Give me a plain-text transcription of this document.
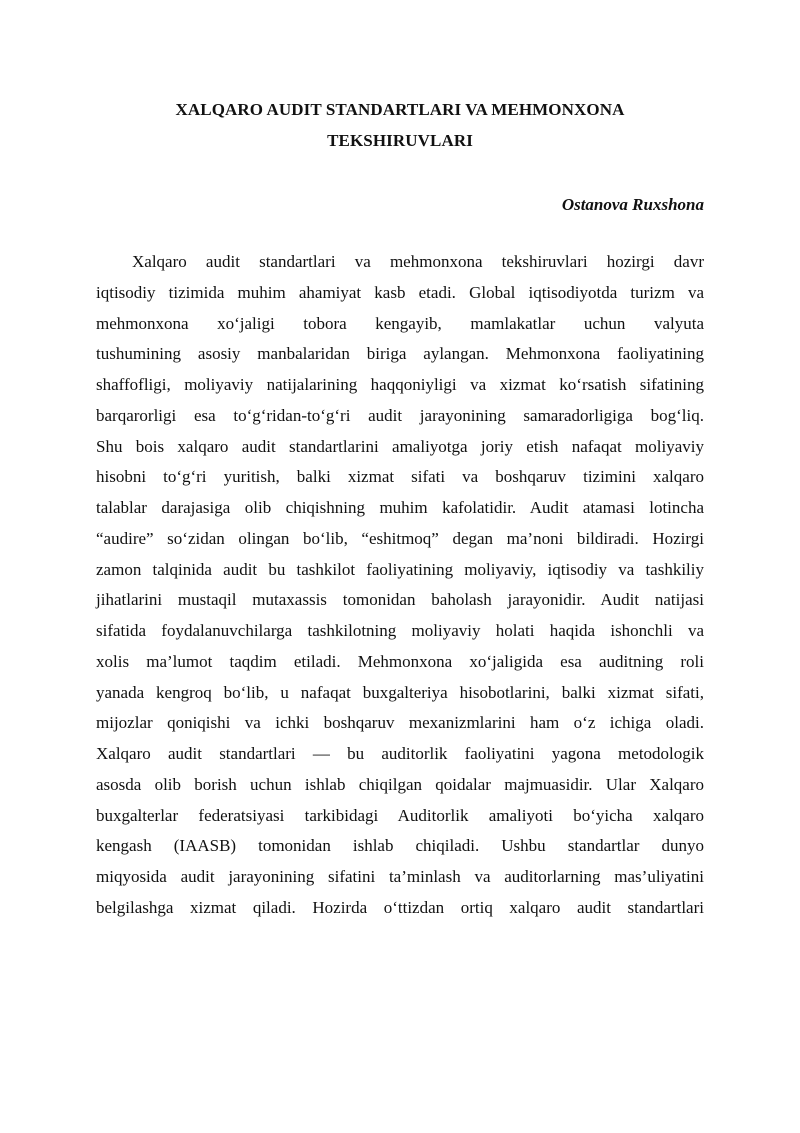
XALQARO AUDIT STANDARTLARI VA MEHMONXONA
TEKSHIRUVLARI
Ostanova Ruxshona
Xalqaro audit standartlari va mehmonxona tekshiruvlari hozirgi davr
iqtisodiy tizimida muhim ahamiyat kasb etadi. Global iqtisodiyotda turizm va
mehmonxona xo‘jaligi tobora kengayib, mamlakatlar uchun valyuta
tushumining asosiy manbalaridan biriga aylangan. Mehmonxona faoliyatining
shaffofligi, moliyaviy natijalarining haqqoniyligi va xizmat ko‘rsatish sifatining
barqarorligi esa to‘g‘ridan-to‘g‘ri audit jarayonining samaradorligiga bog‘liq.
Shu bois xalqaro audit standartlarini amaliyotga joriy etish nafaqat moliyaviy
hisobni to‘g‘ri yuritish, balki xizmat sifati va boshqaruv tizimini xalqaro
talablar darajasiga olib chiqishning muhim kafolatidir. Audit atamasi lotincha
“audire” so‘zidan olingan bo‘lib, “eshitmoq” degan ma’noni bildiradi. Hozirgi
zamon talqinida audit bu tashkilot faoliyatining moliyaviy, iqtisodiy va tashkiliy
jihatlarini mustaqil mutaxassis tomonidan baholash jarayonidir. Audit natijasi
sifatida foydalanuvchilarga tashkilotning moliyaviy holati haqida ishonchli va
xolis ma’lumot taqdim etiladi. Mehmonxona xo‘jaligida esa auditning roli
yanada kengroq bo‘lib, u nafaqat buxgalteriya hisobotlarini, balki xizmat sifati,
mijozlar qoniqishi va ichki boshqaruv mexanizmlarini ham o‘z ichiga oladi.
Xalqaro audit standartlari — bu auditorlik faoliyatini yagona metodologik
asosda olib borish uchun ishlab chiqilgan qoidalar majmuasidir. Ular Xalqaro
buxgalterlar federatsiyasi tarkibidagi Auditorlik amaliyoti bo‘yicha xalqaro
kengash (IAASB) tomonidan ishlab chiqiladi. Ushbu standartlar dunyo
miqyosida audit jarayonining sifatini ta’minlash va auditorlarning mas’uliyatini
belgilashga xizmat qiladi. Hozirda o‘ttizdan ortiq xalqaro audit standartlari
